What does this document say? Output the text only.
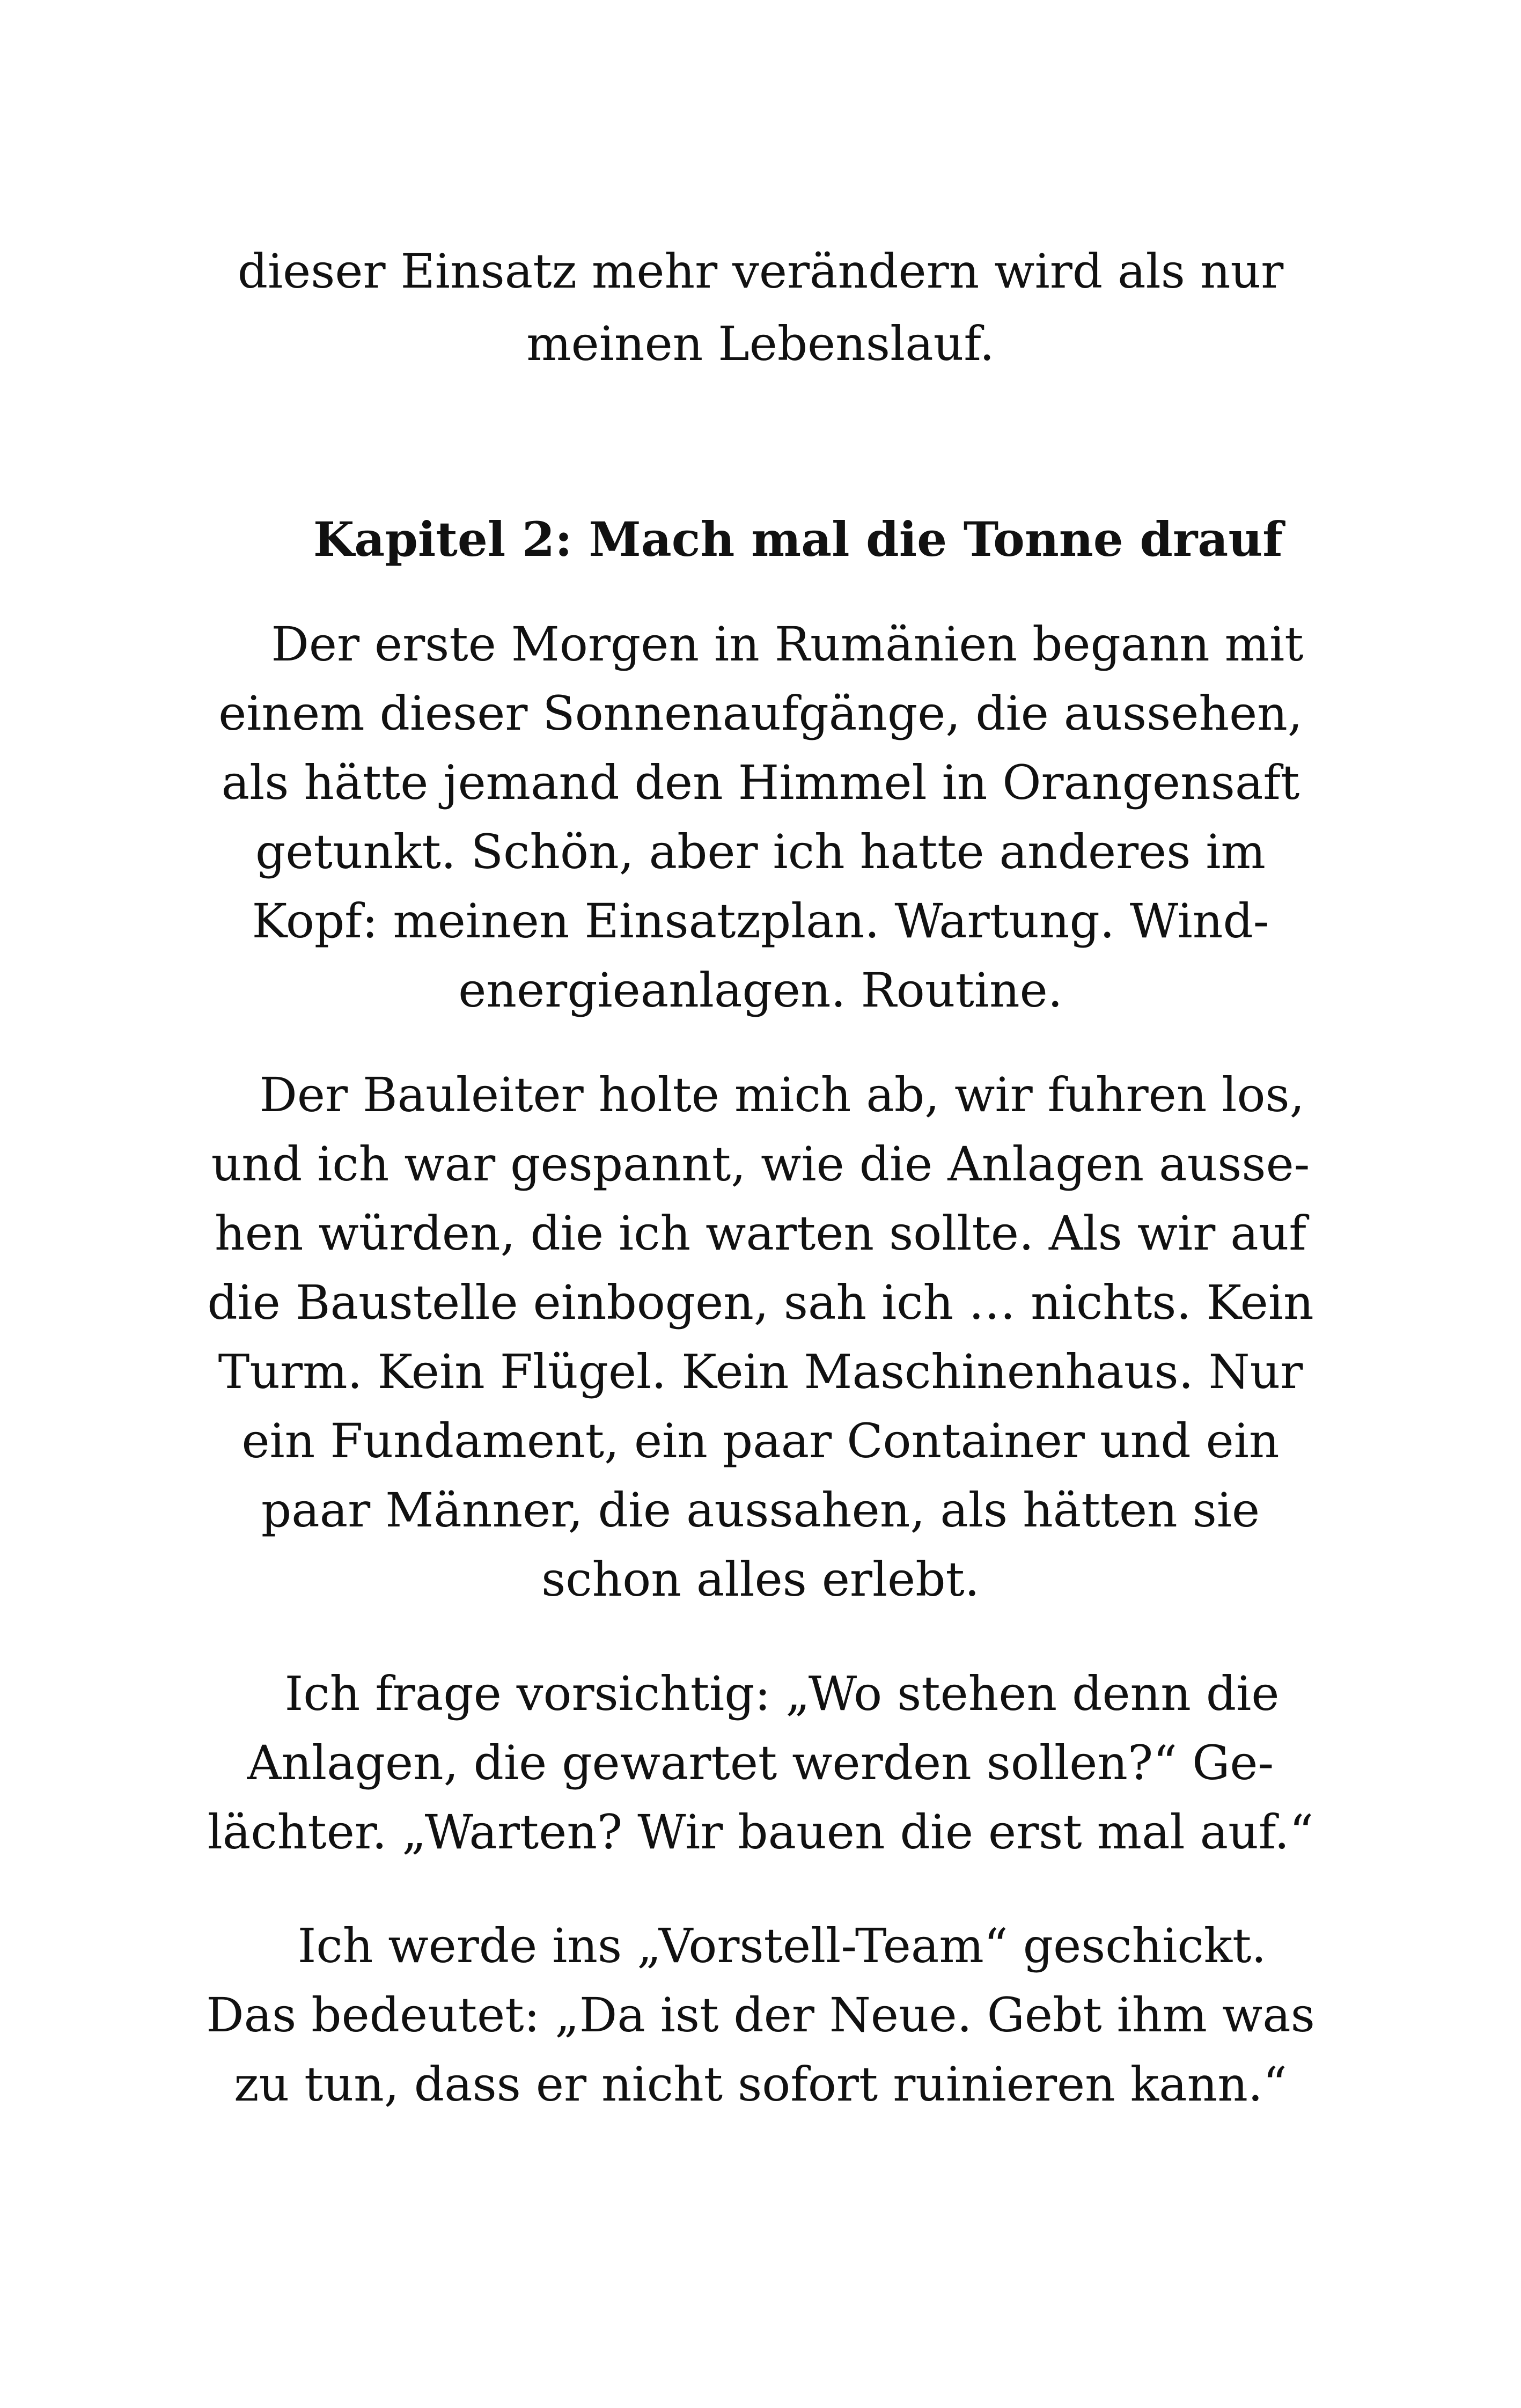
dieser Einsatz mehr verändern wird als nur
meinen Lebenslauf.
Kapitel 2: Mach mal die Tonne drauf
Der erste Morgen in Rumänien begann mit
einem dieser Sonnenaufgänge, die aussehen,
als hätte jemand den Himmel in Orangensaft
getunkt. Schön, aber ich hatte anderes im
Kopf: meinen Einsatzplan. Wartung. Wind-
energieanlagen. Routine.
Der Bauleiter holte mich ab, wir fuhren los,
und ich war gespannt, wie die Anlagen ausse-
hen würden, die ich warten sollte. Als wir auf
die Baustelle einbogen, sah ich … nichts. Kein
Turm. Kein Flügel. Kein Maschinenhaus. Nur
ein Fundament, ein paar Container und ein
paar Männer, die aussahen, als hätten sie
schon alles erlebt.
Ich frage vorsichtig: „Wo stehen denn die
Anlagen, die gewartet werden sollen?“ Ge-
lächter. „Warten? Wir bauen die erst mal auf.“
Ich werde ins „Vorstell-Team“ geschickt.
Das bedeutet: „Da ist der Neue. Gebt ihm was
zu tun, dass er nicht sofort ruinieren kann.“
